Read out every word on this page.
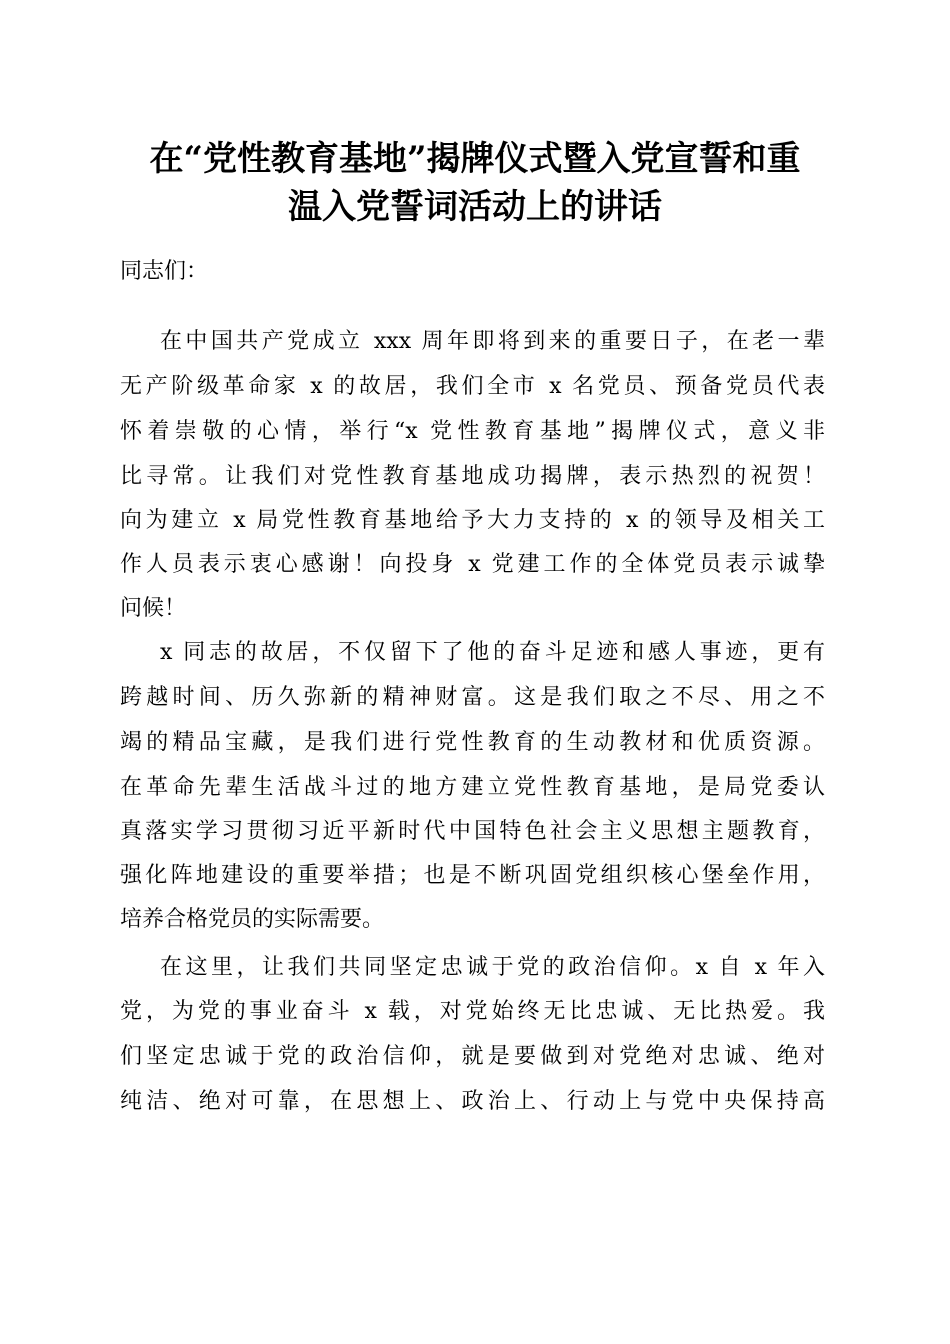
在“党性教育基地”揭牌仪式暨入党宣誓和重
温入党誓词活动上的讲话

同志们：

在中国共产党成立 xxx 周年即将到来的重要日子，在老一辈

无产阶级革命家 x 的故居，我们全市 x 名党员、预备党员代表

怀着崇敬的心情，举行“x 党性教育基地”揭牌仪式，意义非

比寻常。让我们对党性教育基地成功揭牌，表示热烈的祝贺！

向为建立 x 局党性教育基地给予大力支持的 x 的领导及相关工

作人员表示衷心感谢！向投身 x 党建工作的全体党员表示诚挚

问候！

x 同志的故居，不仅留下了他的奋斗足迹和感人事迹，更有

跨越时间、历久弥新的精神财富。这是我们取之不尽、用之不

竭的精品宝藏，是我们进行党性教育的生动教材和优质资源。

在革命先辈生活战斗过的地方建立党性教育基地，是局党委认

真落实学习贯彻习近平新时代中国特色社会主义思想主题教育，

强化阵地建设的重要举措；也是不断巩固党组织核心堡垒作用，

培养合格党员的实际需要。

在这里，让我们共同坚定忠诚于党的政治信仰。x 自 x 年入

党，为党的事业奋斗 x 载，对党始终无比忠诚、无比热爱。我

们坚定忠诚于党的政治信仰，就是要做到对党绝对忠诚、绝对

纯洁、绝对可靠，在思想上、政治上、行动上与党中央保持高
